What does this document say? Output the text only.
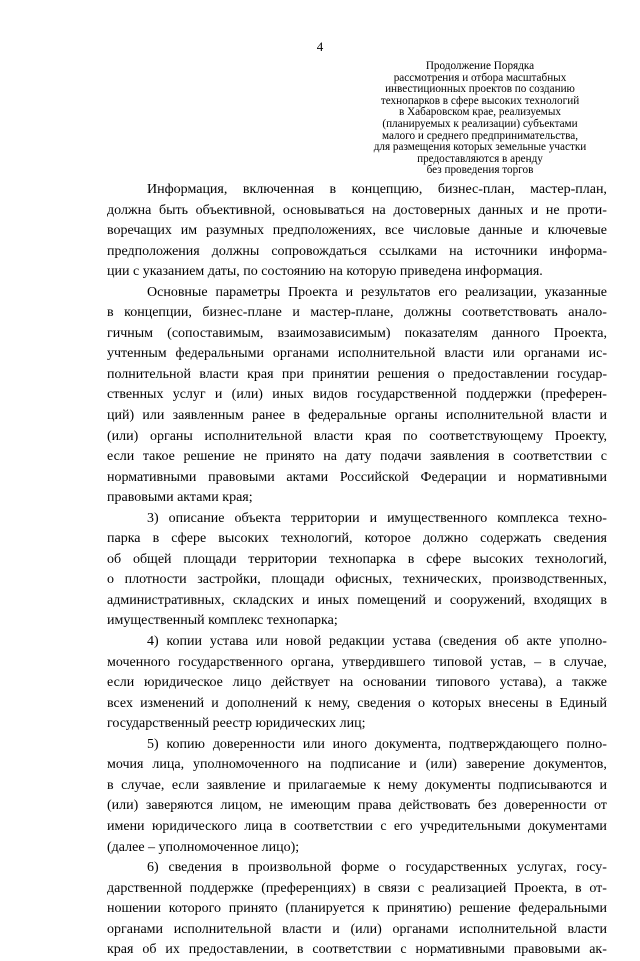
4
Продолжение Порядка
рассмотрения и отбора масштабных
инвестиционных проектов по созданию
технопарков в сфере высоких технологий
в Хабаровском крае, реализуемых
(планируемых к реализации) субъектами
малого и среднего предпринимательства,
для размещения которых земельные участки
предоставляются в аренду
без проведения торгов
Информация, включенная в концепцию, бизнес-план, мастер-план,
должна быть объективной, основываться на достоверных данных и не проти-
воречащих им разумных предположениях, все числовые данные и ключевые
предположения должны сопровождаться ссылками на источники информа-
ции с указанием даты, по состоянию на которую приведена информация.
Основные параметры Проекта и результатов его реализации, указанные
в концепции, бизнес-плане и мастер-плане, должны соответствовать анало-
гичным (сопоставимым, взаимозависимым) показателям данного Проекта,
учтенным федеральными органами исполнительной власти или органами ис-
полнительной власти края при принятии решения о предоставлении государ-
ственных услуг и (или) иных видов государственной поддержки (преферен-
ций) или заявленным ранее в федеральные органы исполнительной власти и
(или) органы исполнительной власти края по соответствующему Проекту,
если такое решение не принято на дату подачи заявления в соответствии с
нормативными правовыми актами Российской Федерации и нормативными
правовыми актами края;
3) описание объекта территории и имущественного комплекса техно-
парка в сфере высоких технологий, которое должно содержать сведения
об общей площади территории технопарка в сфере высоких технологий,
о плотности застройки, площади офисных, технических, производственных,
административных, складских и иных помещений и сооружений, входящих в
имущественный комплекс технопарка;
4) копии устава или новой редакции устава (сведения об акте уполно-
моченного государственного органа, утвердившего типовой устав, – в случае,
если юридическое лицо действует на основании типового устава), а также
всех изменений и дополнений к нему, сведения о которых внесены в Единый
государственный реестр юридических лиц;
5) копию доверенности или иного документа, подтверждающего полно-
мочия лица, уполномоченного на подписание и (или) заверение документов,
в случае, если заявление и прилагаемые к нему документы подписываются и
(или) заверяются лицом, не имеющим права действовать без доверенности от
имени юридического лица в соответствии с его учредительными документами
(далее – уполномоченное лицо);
6) сведения в произвольной форме о государственных услугах, госу-
дарственной поддержке (преференциях) в связи с реализацией Проекта, в от-
ношении которого принято (планируется к принятию) решение федеральными
органами исполнительной власти и (или) органами исполнительной власти
края об их предоставлении, в соответствии с нормативными правовыми ак-
